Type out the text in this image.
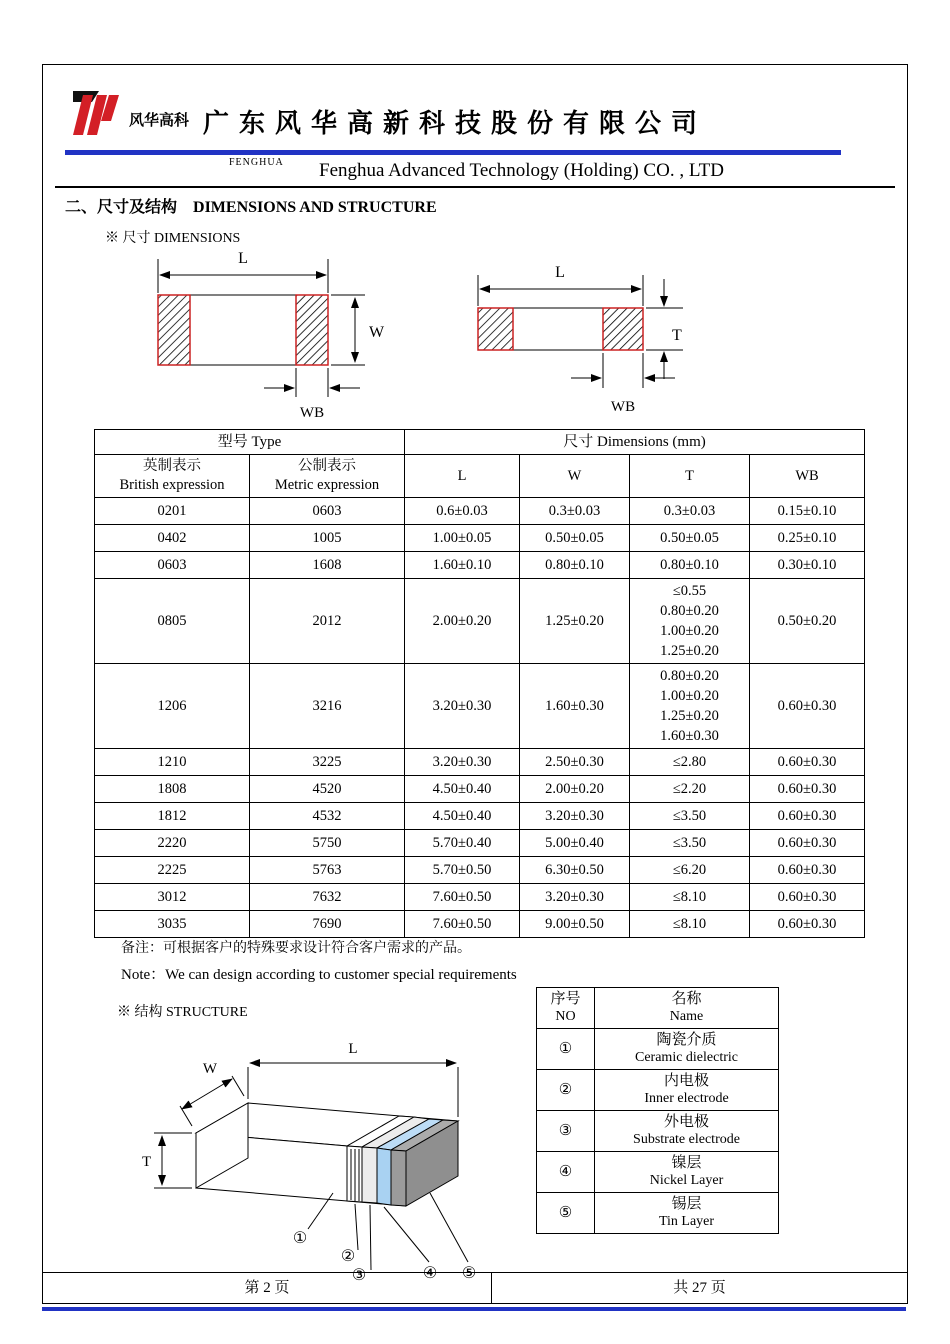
风华高科 广东风华高新科技股份有限公司
FENGHUA Fenghua Advanced Technology (Holding) CO. , LTD
二、尺寸及结构 DIMENSIONS AND STRUCTURE
※ 尺寸 DIMENSIONS
L
W
WB
L
T
WB
型号 Type		尺寸 Dimensions (mm)			

英制表示
British expression

公制表示
Metric expression
	L	W	T	WB
0201	0603	0.6±0.03	0.3±0.03	0.3±0.03	0.15±0.10
0402	1005	1.00±0.05	0.50±0.05	0.50±0.05	0.25±0.10
0603	1608	1.60±0.10	0.80±0.10	0.80±0.10	0.30±0.10
0805	2012	2.00±0.20	1.25±0.20	≤0.55
0.80±0.20
1.00±0.20
1.25±0.20	0.50±0.20
1206	3216	3.20±0.30	1.60±0.30	0.80±0.20
1.00±0.20
1.25±0.20
1.60±0.30	0.60±0.30
1210	3225	3.20±0.30	2.50±0.30	≤2.80	0.60±0.30
1808	4520	4.50±0.40	2.00±0.20	≤2.20	0.60±0.30
1812	4532	4.50±0.40	3.20±0.30	≤3.50	0.60±0.30
2220	5750	5.70±0.40	5.00±0.40	≤3.50	0.60±0.30
2225	5763	5.70±0.50	6.30±0.50	≤6.20	0.60±0.30
3012	7632	7.60±0.50	3.20±0.30	≤8.10	0.60±0.30
3035	7690	7.60±0.50	9.00±0.50	≤8.10	0.60±0.30
备注：可根据客户的特殊要求设计符合客户需求的产品。
Note：We can design according to customer special requirements
※ 结构 STRUCTURE
L
W
T
①
②
③	④ ⑤
序号
NO

名称
Name

①	陶瓷介质
Ceramic dielectric

②	内电极
Inner electrode

③	外电极
Substrate electrode

④	镍层
Nickel Layer

⑤	锡层
Tin Layer
第 2 页	共 27 页
